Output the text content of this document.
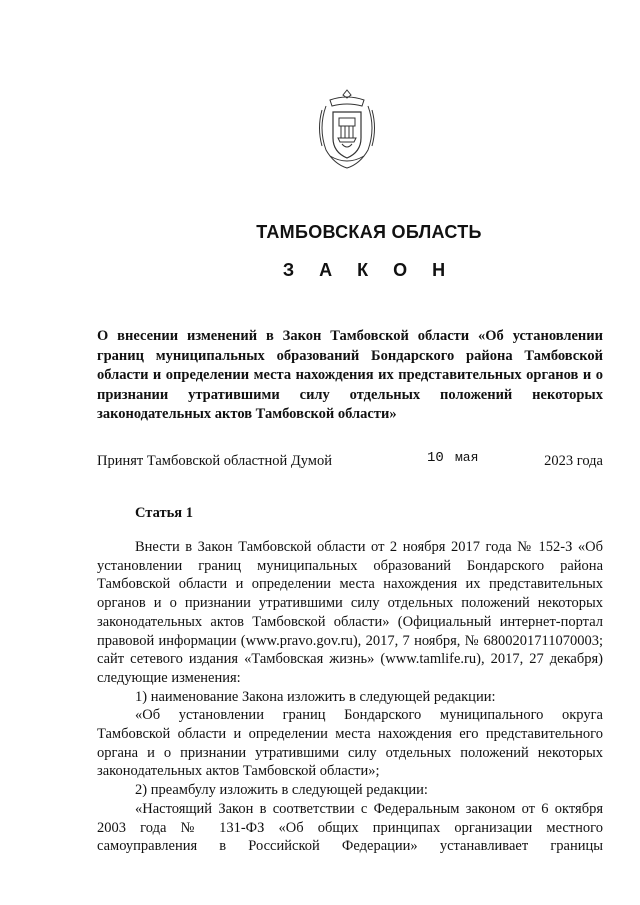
ТАМБОВСКАЯ ОБЛАСТЬ
З А К О Н
О внесении изменений в Закон Тамбовской области «Об установлении границ муниципальных образований Бондарского района Тамбовской области и определении места нахождения их представительных органов и о признании утратившими силу отдельных положений некоторых законодательных актов Тамбовской области»
Принят Тамбовской областной Думой	10 мая	2023 года
Статья 1

Внести в Закон Тамбовской области от 2 ноября 2017 года № 152-З «Об установлении границ муниципальных образований Бондарского района Тамбовской области и определении места нахождения их представительных органов и о признании утратившими силу отдельных положений некоторых законодательных актов Тамбовской области» (Официальный интернет-портал правовой информации (www.pravo.gov.ru), 2017, 7 ноября, № 6800201711070003; сайт сетевого издания «Тамбовская жизнь» (www.tamlife.ru), 2017, 27 декабря) следующие изменения:

1) наименование Закона изложить в следующей редакции:

«Об установлении границ Бондарского муниципального округа Тамбовской области и определении места нахождения его представительного органа и о признании утратившими силу отдельных положений некоторых законодательных актов Тамбовской области»;

2) преамбулу изложить в следующей редакции:

«Настоящий Закон в соответствии с Федеральным законом от 6 октября 2003 года № 131-ФЗ «Об общих принципах организации местного самоуправления в Российской Федерации» устанавливает границы
